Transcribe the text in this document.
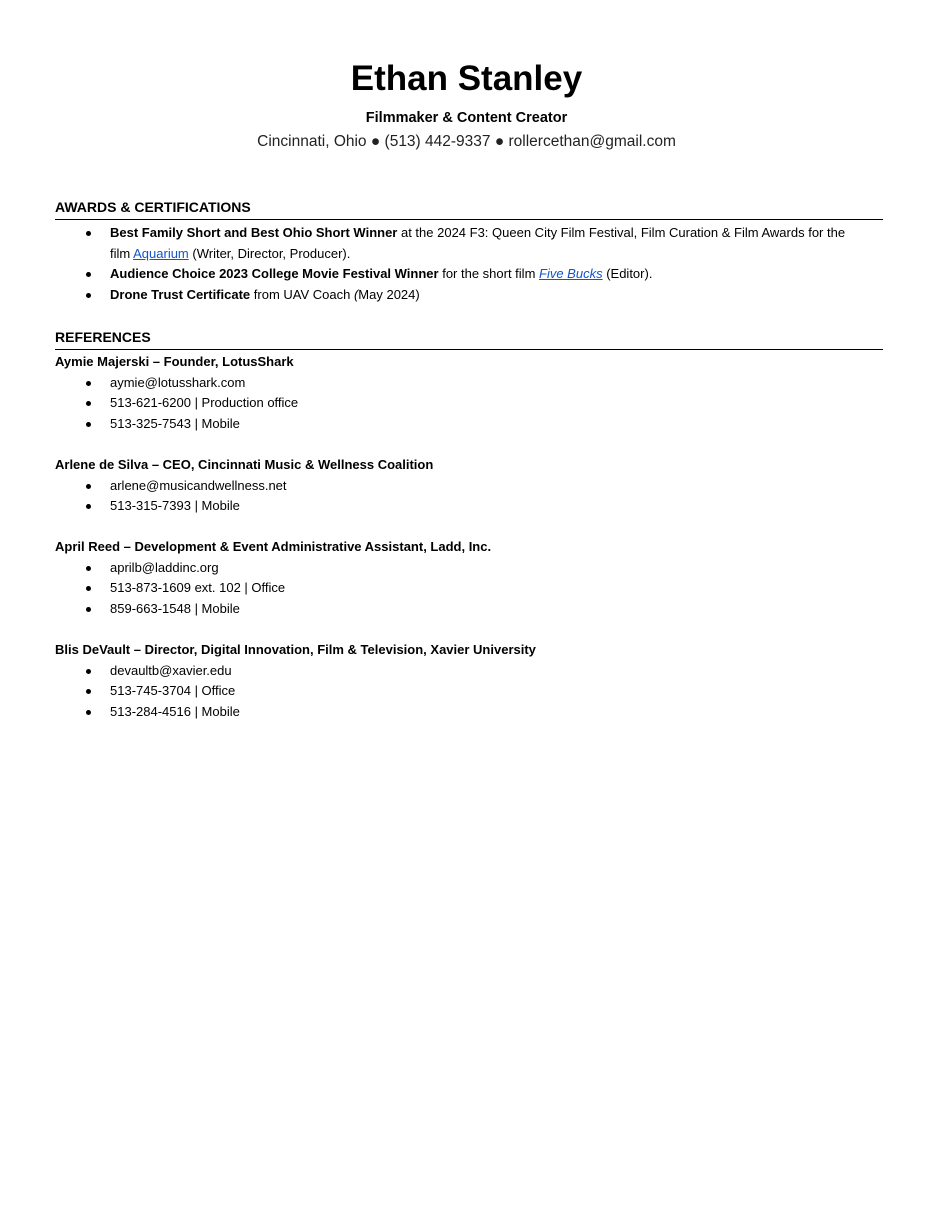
Ethan Stanley
Filmmaker & Content Creator
Cincinnati, Ohio ● (513) 442-9337 ● rollercethan@gmail.com
AWARDS & CERTIFICATIONS
Best Family Short and Best Ohio Short Winner at the 2024 F3: Queen City Film Festival, Film Curation & Film Awards for the film Aquarium (Writer, Director, Producer).
Audience Choice 2023 College Movie Festival Winner for the short film Five Bucks (Editor).
Drone Trust Certificate from UAV Coach (May 2024)
REFERENCES
Aymie Majerski – Founder, LotusShark
aymie@lotusshark.com
513-621-6200 | Production office
513-325-7543 | Mobile
Arlene de Silva – CEO, Cincinnati Music & Wellness Coalition
arlene@musicandwellness.net
513-315-7393 | Mobile
April Reed – Development & Event Administrative Assistant, Ladd, Inc.
aprilb@laddinc.org
513-873-1609 ext. 102 | Office
859-663-1548 | Mobile
Blis DeVault – Director, Digital Innovation, Film & Television, Xavier University
devaultb@xavier.edu
513-745-3704 | Office
513-284-4516 | Mobile
